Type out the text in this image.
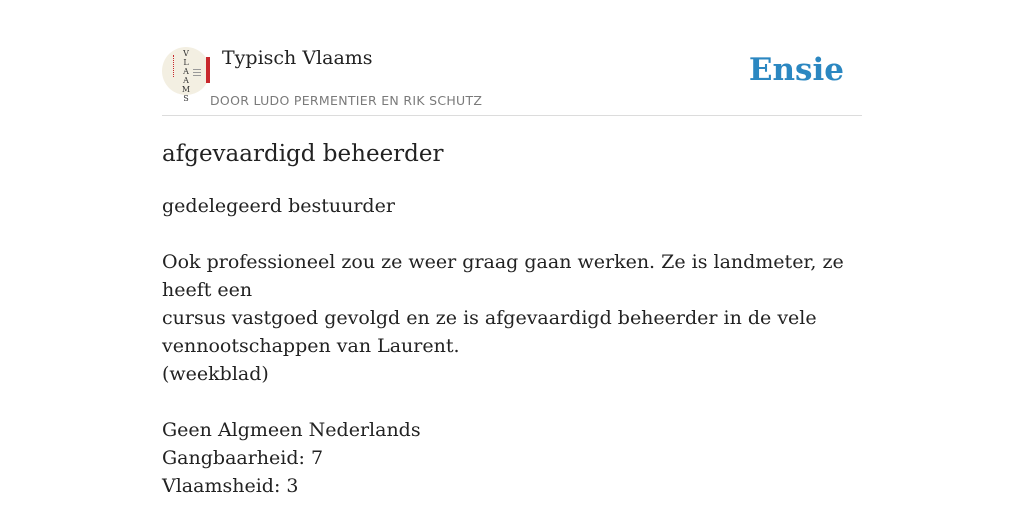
V
L
A
A
M
S
Typisch Vlaams
DOOR LUDO PERMENTIER EN RIK SCHUTZ
Ensie
afgevaardigd beheerder

gedelegeerd bestuurder

Ook professioneel zou ze weer graag gaan werken. Ze is landmeter, ze heeft een

cursus vastgoed gevolgd en ze is afgevaardigd beheerder in de vele

vennootschappen van Laurent.

(weekblad)

Geen Algmeen Nederlands

Gangbaarheid: 7

Vlaamsheid: 3
